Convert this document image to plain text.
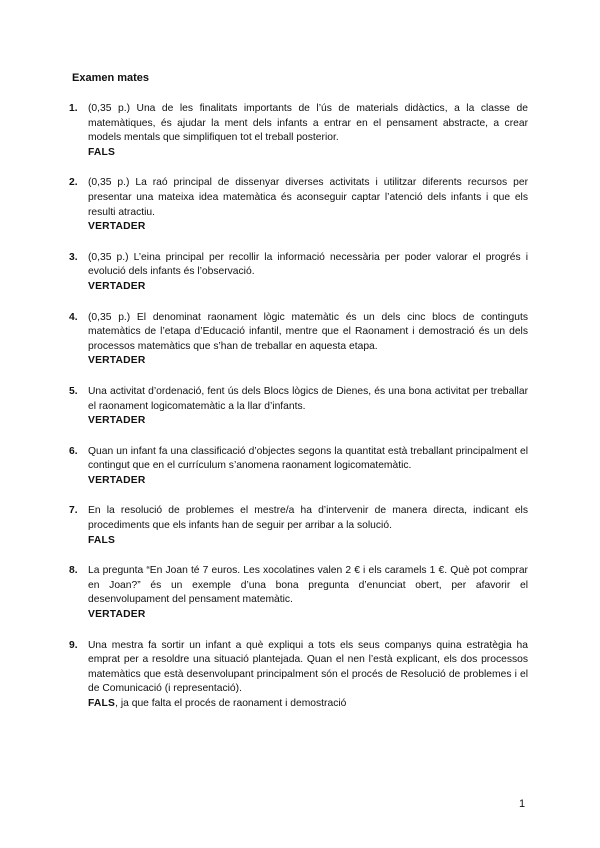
Examen mates
1. (0,35 p.) Una de les finalitats importants de l’ús de materials didàctics, a la classe de matemàtiques, és ajudar la ment dels infants a entrar en el pensament abstracte, a crear models mentals que simplifiquen tot el treball posterior.
FALS
2. (0,35 p.) La raó principal de dissenyar diverses activitats i utilitzar diferents recursos per presentar una mateixa idea matemàtica és aconseguir captar l’atenció dels infants i que els resulti atractiu.
VERTADER
3. (0,35 p.) L’eina principal per recollir la informació necessària per poder valorar el progrés i evolució dels infants és l’observació.
VERTADER
4. (0,35 p.) El denominat raonament lògic matemàtic és un dels cinc blocs de continguts matemàtics de l’etapa d’Educació infantil, mentre que el Raonament i demostració és un dels processos matemàtics que s’han de treballar en aquesta etapa.
VERTADER
5. Una activitat d’ordenació, fent ús dels Blocs lògics de Dienes, és una bona activitat per treballar el raonament logicomatemàtic a la llar d’infants.
VERTADER
6. Quan un infant fa una classificació d’objectes segons la quantitat està treballant principalment el contingut que en el currículum s’anomena raonament logicomatemàtic.
VERTADER
7. En la resolució de problemes el mestre/a ha d’intervenir de manera directa, indicant els procediments que els infants han de seguir per arribar a la solució.
FALS
8. La pregunta “En Joan té 7 euros. Les xocolatines valen 2 € i els caramels 1 €. Què pot comprar en Joan?” és un exemple d’una bona pregunta d’enunciat obert, per afavorir el desenvolupament del pensament matemàtic.
VERTADER
9. Una mestra fa sortir un infant a què expliqui a tots els seus companys quina estratègia ha emprat per a resoldre una situació plantejada. Quan el nen l’està explicant, els dos processos matemàtics que està desenvolupant principalment són el procés de Resolució de problemes i el de Comunicació (i representació).
FALS, ja que falta el procés de raonament i demostració
1
